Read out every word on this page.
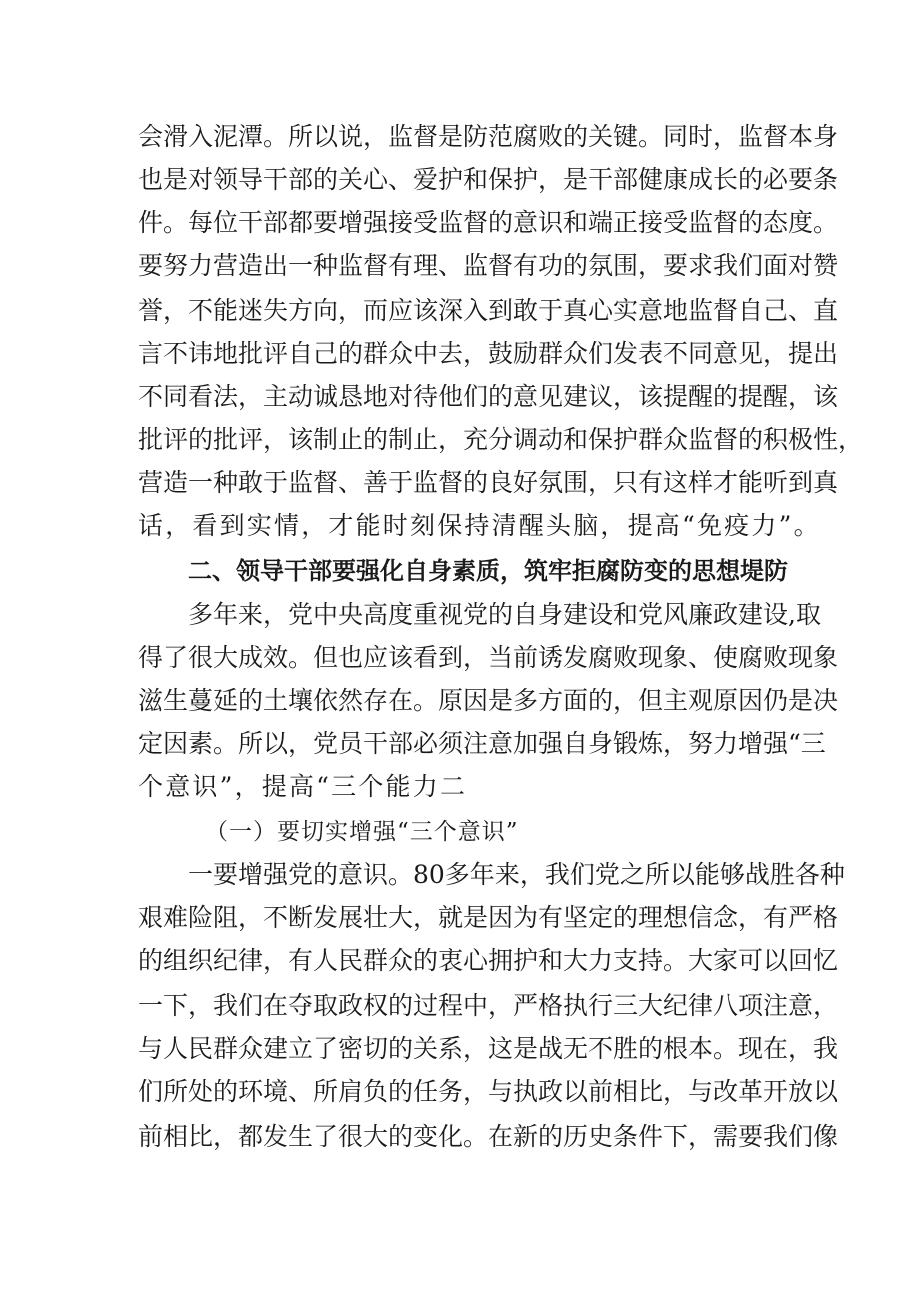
会滑入泥潭。所以说，监督是防范腐败的关键。同时，监督本身
也是对领导干部的关心、爱护和保护，是干部健康成长的必要条
件。每位干部都要增强接受监督的意识和端正接受监督的态度。
要努力营造出一种监督有理、监督有功的氛围，要求我们面对赞
誉，不能迷失方向，而应该深入到敢于真心实意地监督自己、直
言不讳地批评自己的群众中去，鼓励群众们发表不同意见，提出
不同看法，主动诚恳地对待他们的意见建议，该提醒的提醒，该
批评的批评，该制止的制止，充分调动和保护群众监督的积极性，
营造一种敢于监督、善于监督的良好氛围，只有这样才能听到真
话，看到实情，才能时刻保持清醒头脑，提高“免疫力”。
二、领导干部要强化自身素质，筑牢拒腐防变的思想堤防
多年来，党中央高度重视党的自身建设和党风廉政建设,取
得了很大成效。但也应该看到，当前诱发腐败现象、使腐败现象
滋生蔓延的土壤依然存在。原因是多方面的，但主观原因仍是决
定因素。所以，党员干部必须注意加强自身锻炼，努力增强“三
个意识”，提高“三个能力二
（一）要切实增强“三个意识”
一要增强党的意识。80多年来，我们党之所以能够战胜各种
艰难险阻，不断发展壮大，就是因为有坚定的理想信念，有严格
的组织纪律，有人民群众的衷心拥护和大力支持。大家可以回忆
一下，我们在夺取政权的过程中，严格执行三大纪律八项注意，
与人民群众建立了密切的关系，这是战无不胜的根本。现在，我
们所处的环境、所肩负的任务，与执政以前相比，与改革开放以
前相比，都发生了很大的变化。在新的历史条件下，需要我们像
